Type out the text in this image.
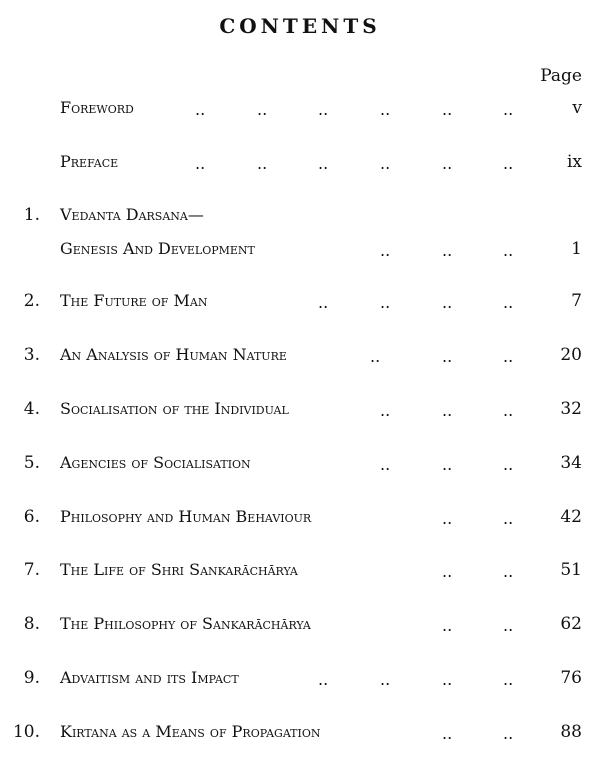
CONTENTS
Page
Foreword	..	..	..	..	..	..	v
Preface	..	..	..	..	..	..	ix
1. Vedanta Darsana—
Genesis And Development	..	..	..	1
2. The Future of Man	..	..	..	..	7
3. An Analysis of Human Nature	..	..	..	20
4. Socialisation of the Individual	..	..	..	32
5. Agencies of Socialisation	..	..	..	34
6. Philosophy and Human Behaviour	..	..	42
7. The Life of Shri Sankarāchārya	..	..	51
8. The Philosophy of Sankarāchārya	..	..	62
9. Advaitism and its Impact	..	..	..	..	76
10. Kirtana as a Means of Propagation	..	..	88
